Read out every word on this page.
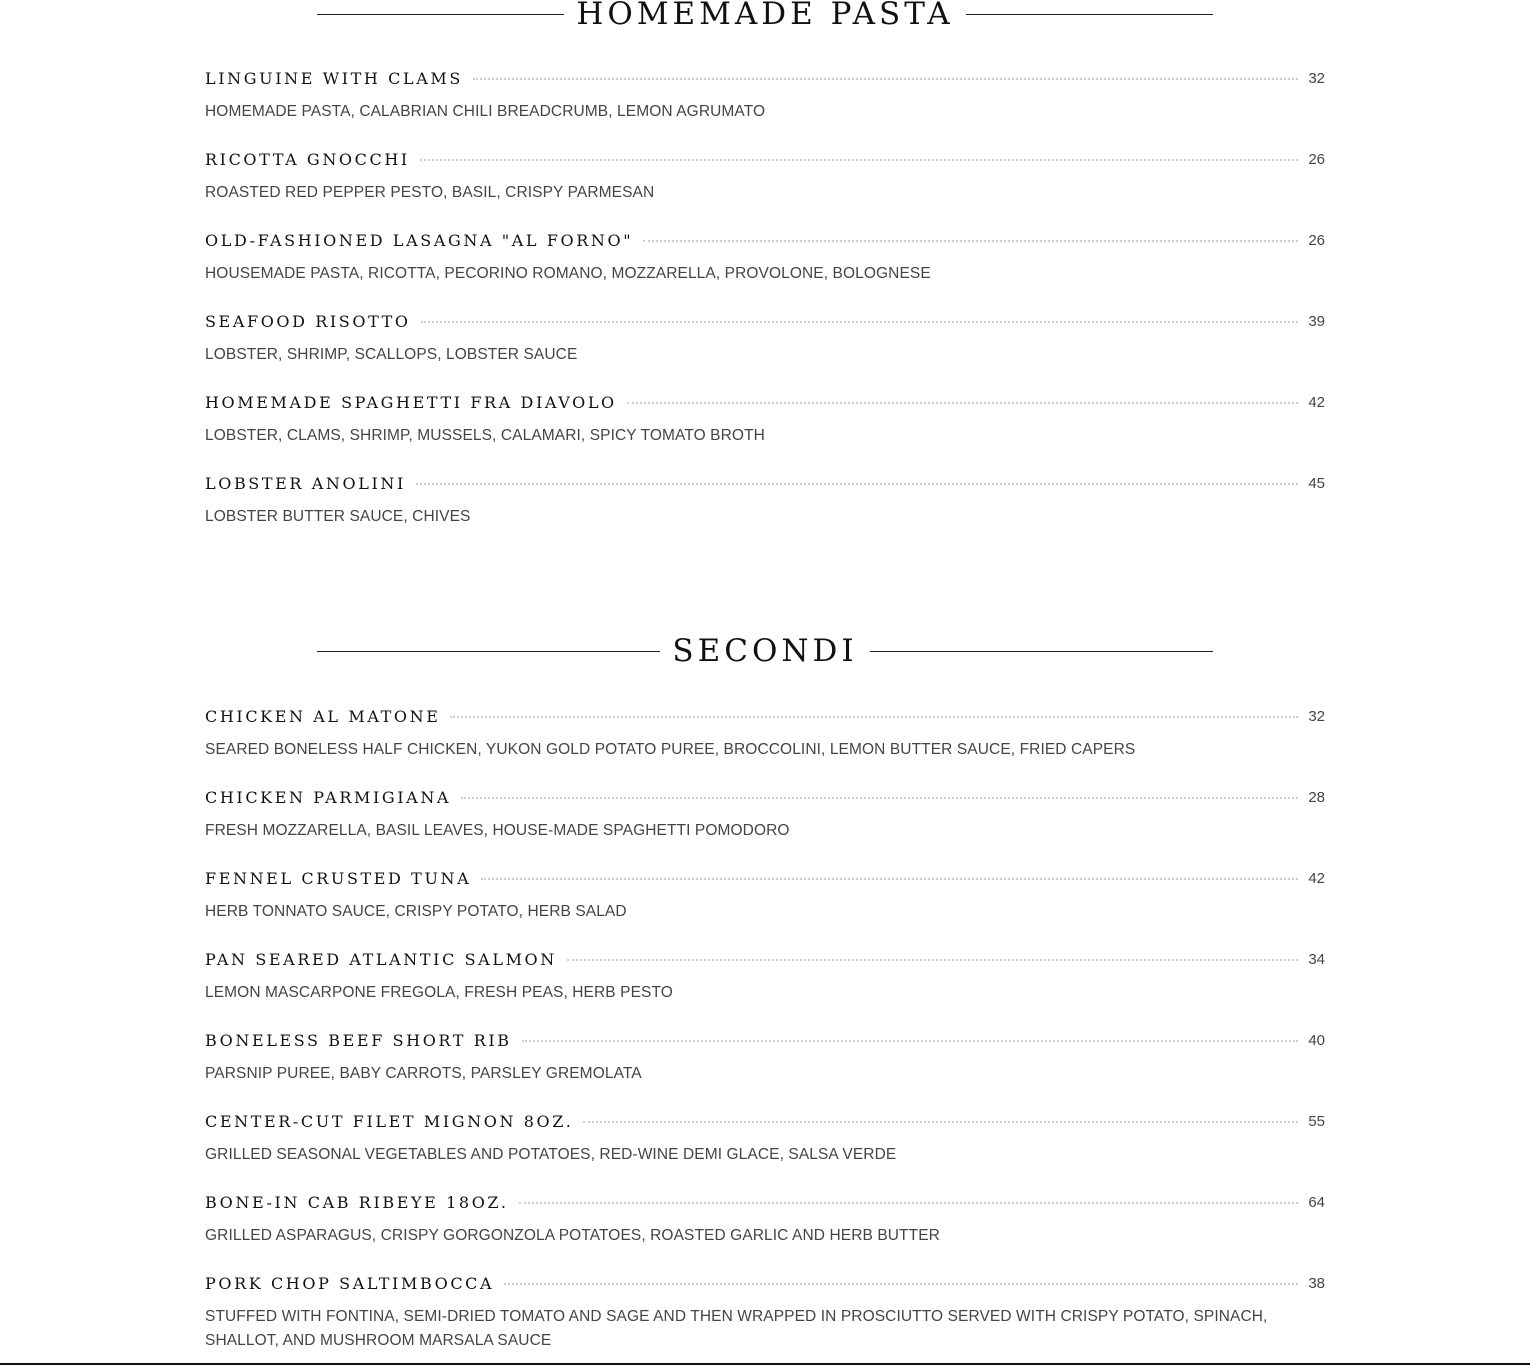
HOMEMADE PASTA
LINGUINE WITH CLAMS	32
HOMEMADE PASTA, CALABRIAN CHILI BREADCRUMB, LEMON AGRUMATO
RICOTTA GNOCCHI	26
ROASTED RED PEPPER PESTO, BASIL, CRISPY PARMESAN
OLD-FASHIONED LASAGNA "AL FORNO"	26
HOUSEMADE PASTA, RICOTTA, PECORINO ROMANO, MOZZARELLA, PROVOLONE, BOLOGNESE
SEAFOOD RISOTTO	39
LOBSTER, SHRIMP, SCALLOPS, LOBSTER SAUCE
HOMEMADE SPAGHETTI FRA DIAVOLO	42
LOBSTER, CLAMS, SHRIMP, MUSSELS, CALAMARI, SPICY TOMATO BROTH
LOBSTER ANOLINI	45
LOBSTER BUTTER SAUCE, CHIVES
SECONDI
CHICKEN AL MATONE	32
SEARED BONELESS HALF CHICKEN, YUKON GOLD POTATO PUREE, BROCCOLINI, LEMON BUTTER SAUCE, FRIED CAPERS
CHICKEN PARMIGIANA	28
FRESH MOZZARELLA, BASIL LEAVES, HOUSE-MADE SPAGHETTI POMODORO
FENNEL CRUSTED TUNA	42
HERB TONNATO SAUCE, CRISPY POTATO, HERB SALAD
PAN SEARED ATLANTIC SALMON	34
LEMON MASCARPONE FREGOLA, FRESH PEAS, HERB PESTO
BONELESS BEEF SHORT RIB	40
PARSNIP PUREE, BABY CARROTS, PARSLEY GREMOLATA
CENTER-CUT FILET MIGNON 8OZ.	55
GRILLED SEASONAL VEGETABLES AND POTATOES, RED-WINE DEMI GLACE, SALSA VERDE
BONE-IN CAB RIBEYE 18OZ.	64
GRILLED ASPARAGUS, CRISPY GORGONZOLA POTATOES, ROASTED GARLIC AND HERB BUTTER
PORK CHOP SALTIMBOCCA	38
STUFFED WITH FONTINA, SEMI-DRIED TOMATO AND SAGE AND THEN WRAPPED IN PROSCIUTTO SERVED WITH CRISPY POTATO, SPINACH, SHALLOT, AND MUSHROOM MARSALA SAUCE
